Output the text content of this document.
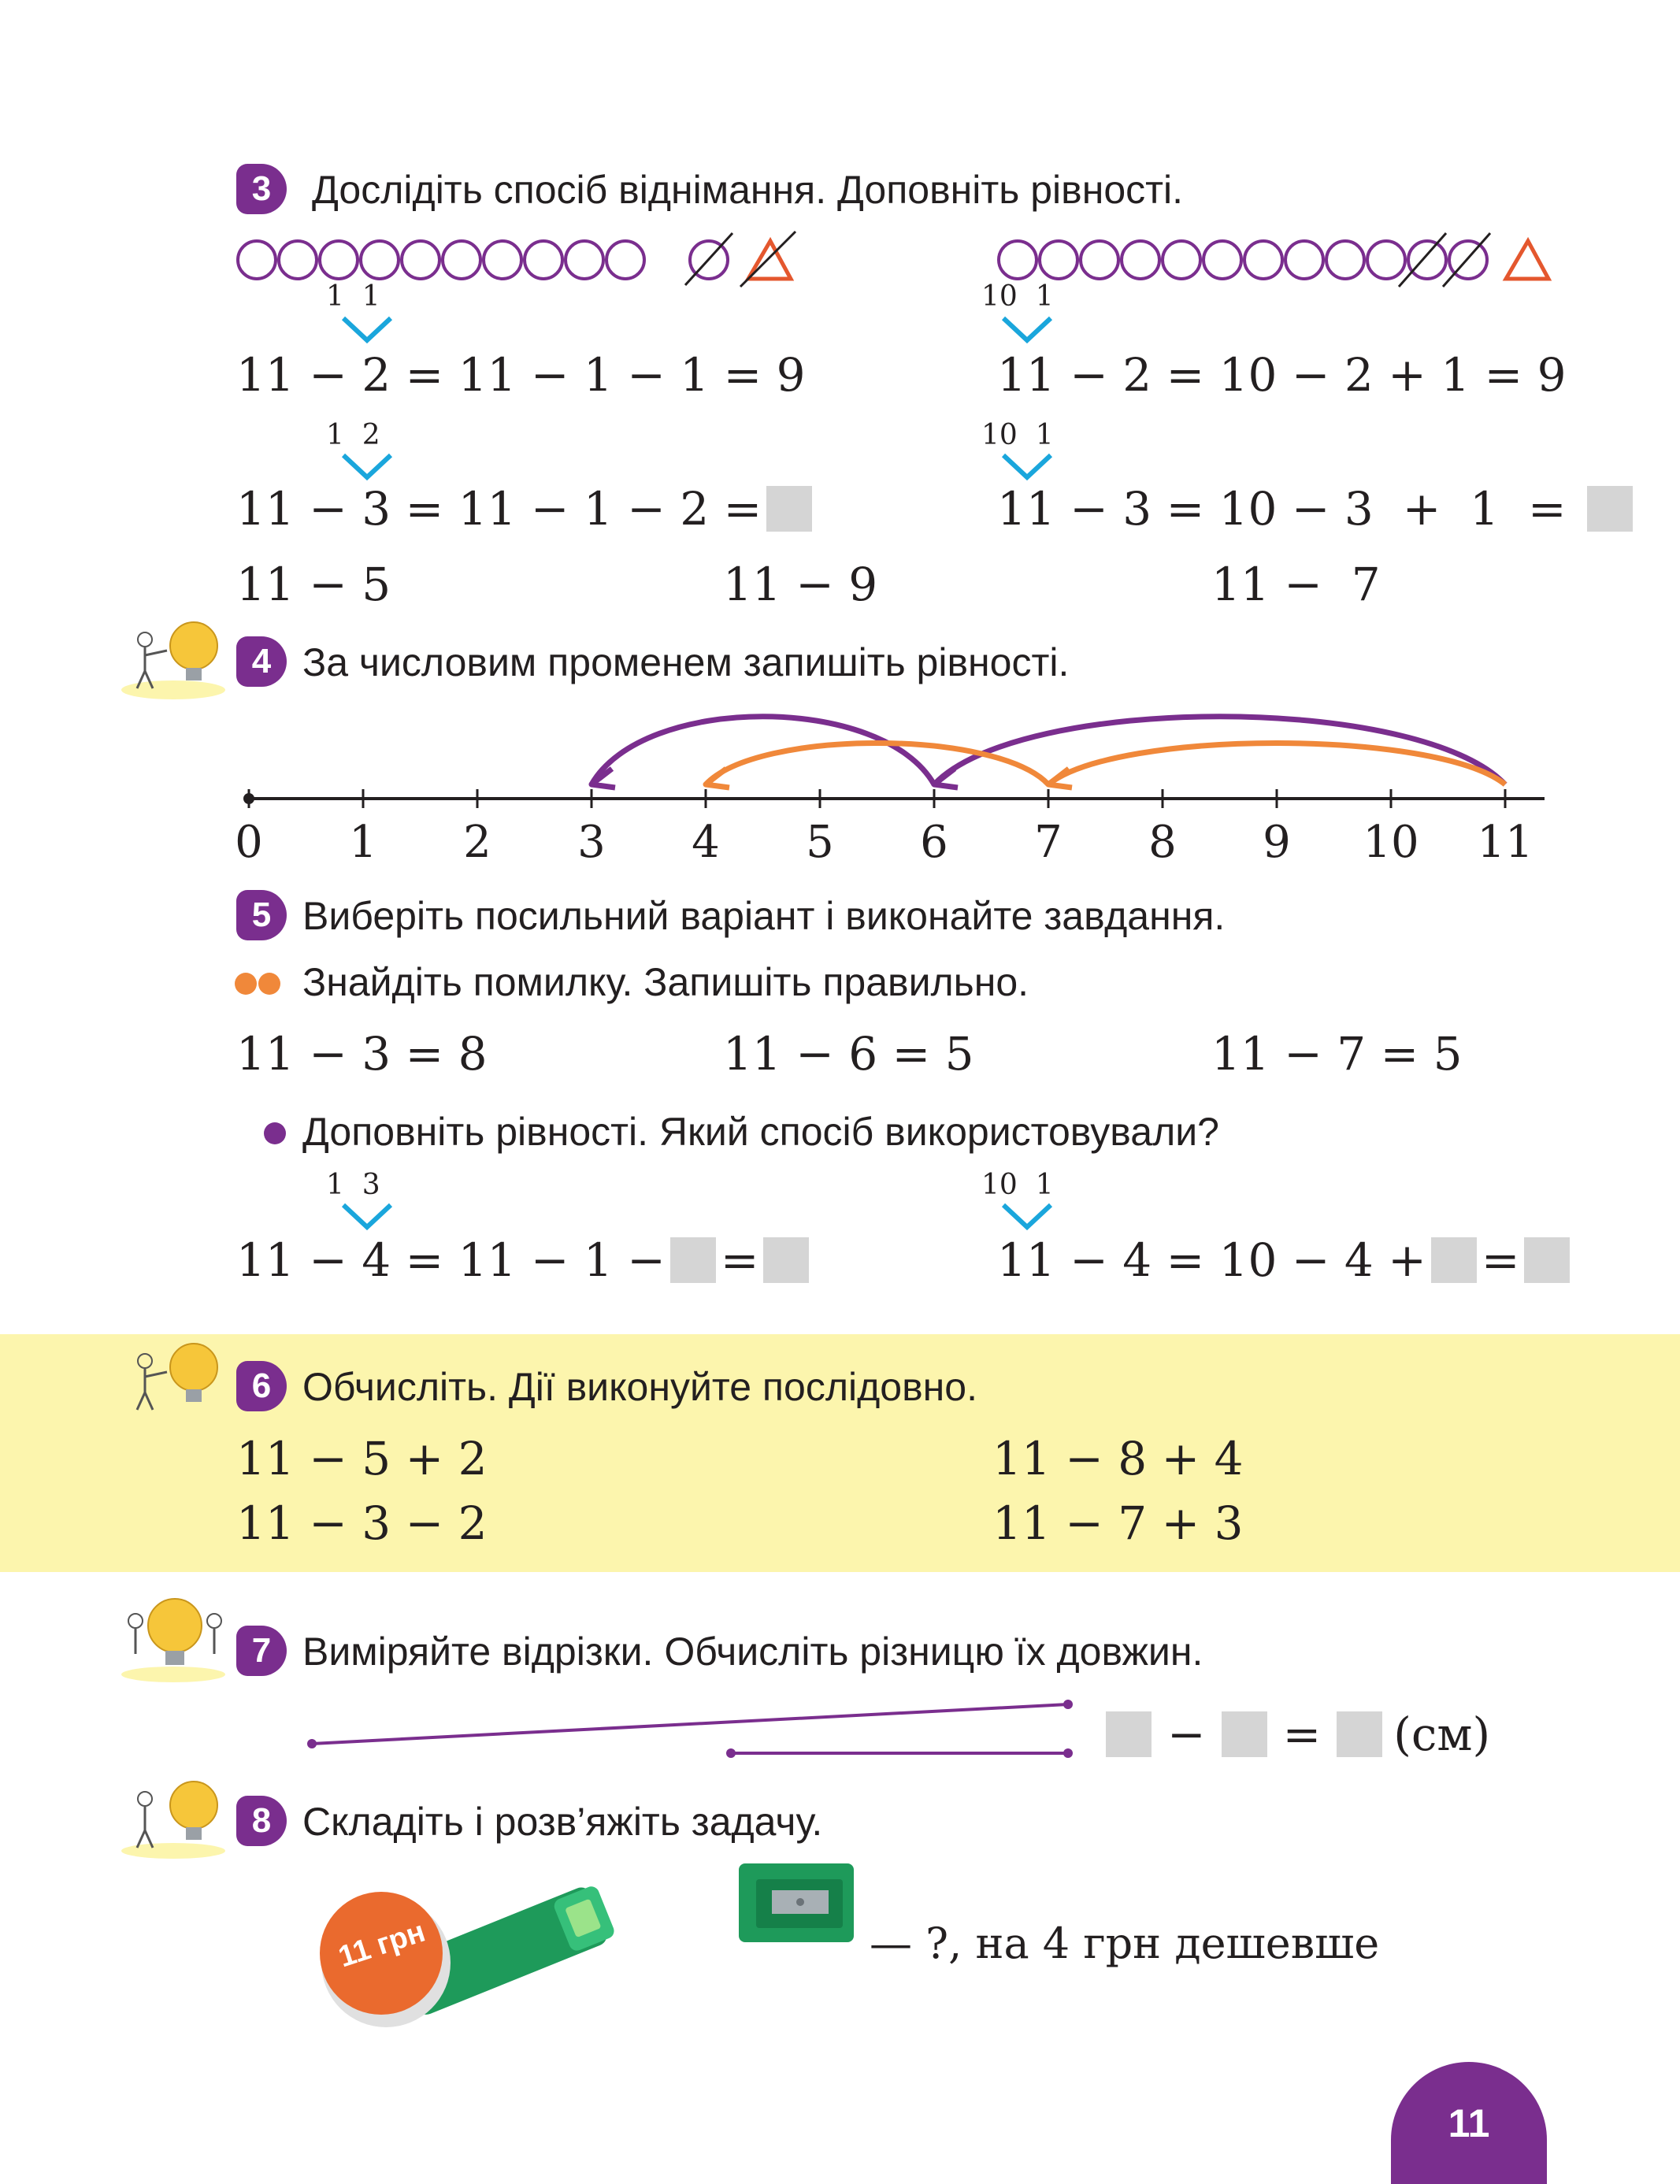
3	Дослідіть спосіб віднімання. Доповніть рівності.
1 1	10 1
11 − 2 = 11 − 1 − 1 = 9	11 − 2 = 10 − 2 + 1 = 9
1 2	10 1
11 − 3 = 11 − 1 − 2 =	11 − 3 = 10 − 3  +  1  =
11 − 5	11 − 9	11 −  7
4 За числовим променем запишіть рівності.
0 1 2 3 4 5 6 7 8 9 10 11
5 Виберіть посильний варіант і виконайте завдання.
Знайдіть помилку. Запишіть правильно.
11 − 3 = 8	11 − 6 = 5	11 − 7 = 5
Доповніть рівності. Який спосіб використовували?
1 3	10 1
11 − 4 = 11 − 1 − =	11 − 4 = 10 − 4 + =
6 Обчисліть. Дії виконуйте послідовно.
11 − 5 + 2	11 − 8 + 4
11 − 3 − 2	11 − 7 + 3
7 Виміряйте відрізки. Обчисліть різницю їх довжин.
− = (см)
8 Складіть і розв’яжіть задачу.
11 грн	— ?, на 4 грн дешевше
11
